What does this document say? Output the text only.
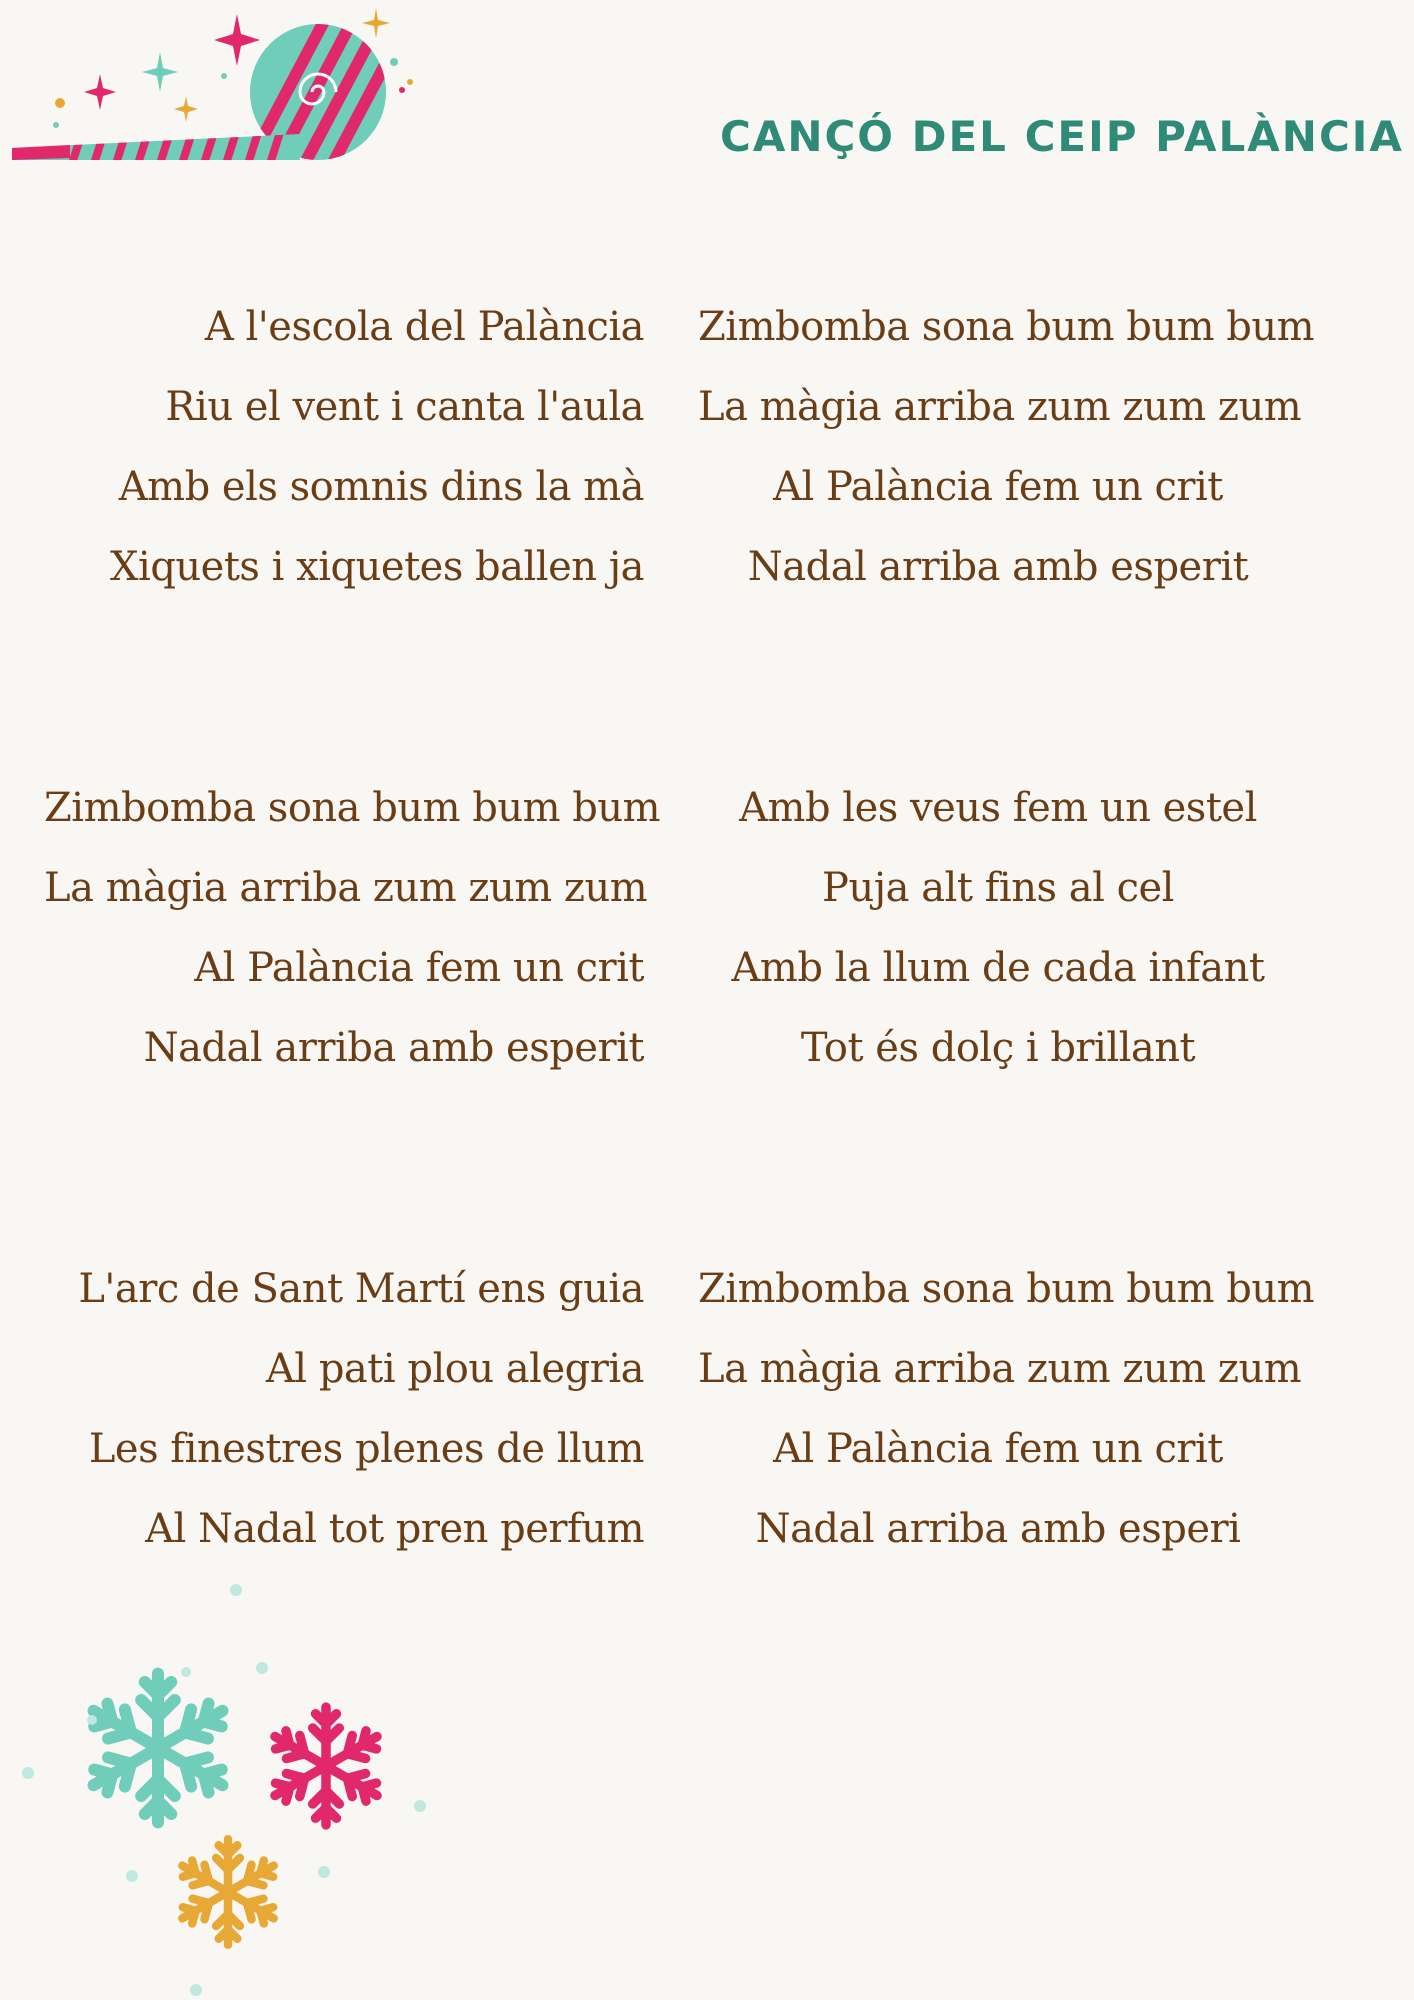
CANÇÓ DEL CEIP PALÀNCIA
A l'escola del Palància
Riu el vent i canta l'aula
Amb els somnis dins la mà
Xiquets i xiquetes ballen ja
Zimbomba sona bum bum bum
La màgia arriba zum zum zum
Al Palància fem un crit
Nadal arriba amb esperit
Zimbomba sona bum bum bum
La màgia arriba zum zum zum
Al Palància fem un crit
Nadal arriba amb esperit
Amb les veus fem un estel
Puja alt fins al cel
Amb la llum de cada infant
Tot és dolç i brillant
L'arc de Sant Martí ens guia
Al pati plou alegria
Les finestres plenes de llum
Al Nadal tot pren perfum
Zimbomba sona bum bum bum
La màgia arriba zum zum zum
Al Palància fem un crit
Nadal arriba amb esperi
